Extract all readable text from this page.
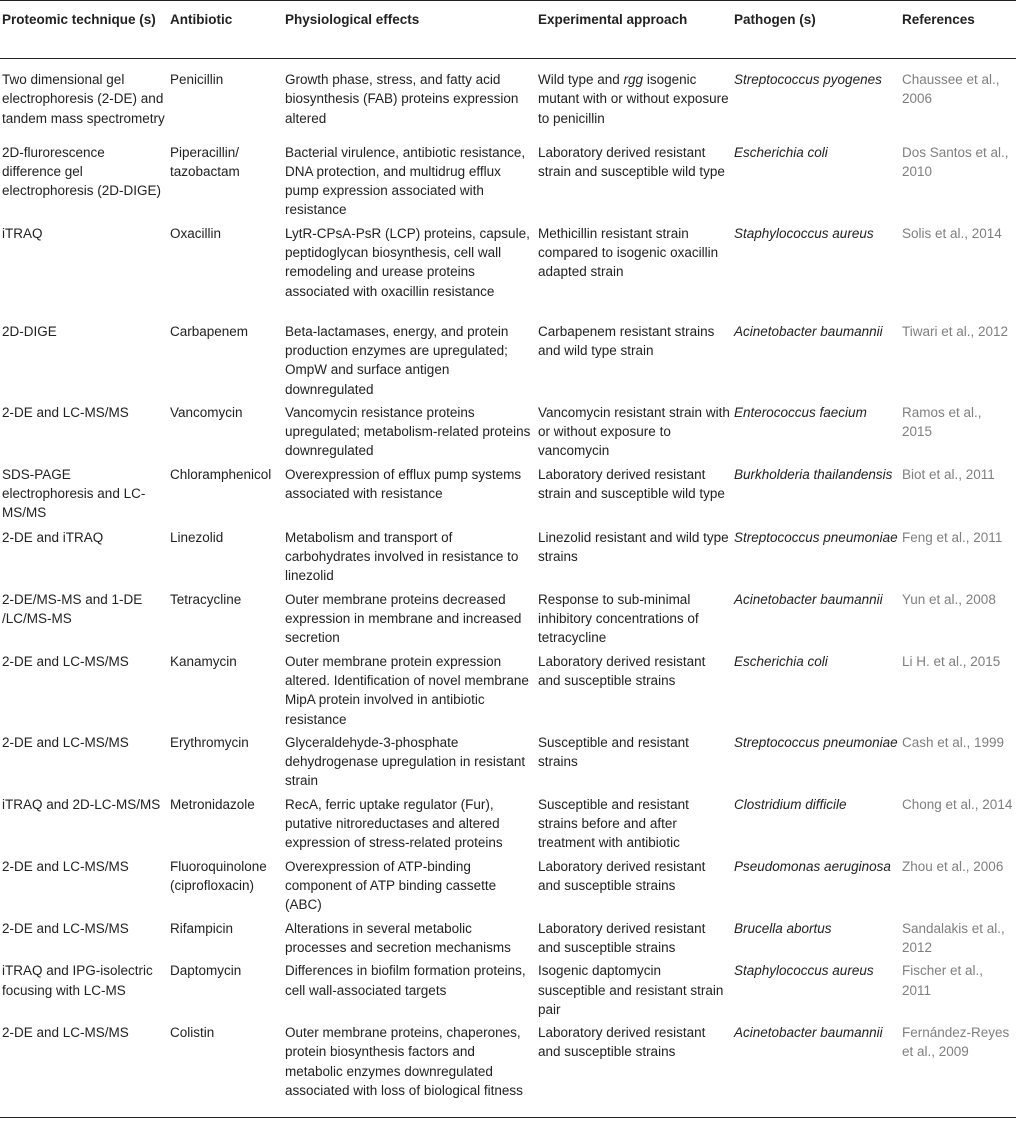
Proteomic technique (s)	Antibiotic	Physiological effects	Experimental approach	Pathogen (s)	References
Two dimensional gel electrophoresis (2-DE) and tandem mass spectrometry	Penicillin	Growth phase, stress, and fatty acid biosynthesis (FAB) proteins expression altered	Wild type and rgg isogenic mutant with or without exposure to penicillin	Streptococcus pyogenes	Chaussee et al., 2006
2D-flurorescence difference gel electrophoresis (2D-DIGE)	Piperacillin/ tazobactam	Bacterial virulence, antibiotic resistance, DNA protection, and multidrug efflux pump expression associated with resistance	Laboratory derived resistant strain and susceptible wild type	Escherichia coli	Dos Santos et al., 2010
iTRAQ	Oxacillin	LytR-CPsA-PsR (LCP) proteins, capsule, peptidoglycan biosynthesis, cell wall remodeling and urease proteins associated with oxacillin resistance	Methicillin resistant strain compared to isogenic oxacillin adapted strain	Staphylococcus aureus	Solis et al., 2014
2D-DIGE	Carbapenem	Beta-lactamases, energy, and protein production enzymes are upregulated; OmpW and surface antigen downregulated	Carbapenem resistant strains and wild type strain	Acinetobacter baumannii	Tiwari et al., 2012
2-DE and LC-MS/MS	Vancomycin	Vancomycin resistance proteins upregulated; metabolism-related proteins downregulated	Vancomycin resistant strain with or without exposure to vancomycin	Enterococcus faecium	Ramos et al., 2015
SDS-PAGE electrophoresis and LC-MS/MS	Chloramphenicol	Overexpression of efflux pump systems associated with resistance	Laboratory derived resistant strain and susceptible wild type	Burkholderia thailandensis	Biot et al., 2011
2-DE and iTRAQ	Linezolid	Metabolism and transport of carbohydrates involved in resistance to linezolid	Linezolid resistant and wild type strains	Streptococcus pneumoniae	Feng et al., 2011
2-DE/MS-MS and 1-DE /LC/MS-MS	Tetracycline	Outer membrane proteins decreased expression in membrane and increased secretion	Response to sub-minimal inhibitory concentrations of tetracycline	Acinetobacter baumannii	Yun et al., 2008
2-DE and LC-MS/MS	Kanamycin	Outer membrane protein expression altered. Identification of novel membrane MipA protein involved in antibiotic resistance	Laboratory derived resistant and susceptible strains	Escherichia coli	Li H. et al., 2015
2-DE and LC-MS/MS	Erythromycin	Glyceraldehyde-3-phosphate dehydrogenase upregulation in resistant strain	Susceptible and resistant strains	Streptococcus pneumoniae	Cash et al., 1999
iTRAQ and 2D-LC-MS/MS	Metronidazole	RecA, ferric uptake regulator (Fur), putative nitroreductases and altered expression of stress-related proteins	Susceptible and resistant strains before and after treatment with antibiotic	Clostridium difficile	Chong et al., 2014
2-DE and LC-MS/MS	Fluoroquinolone (ciprofloxacin)	Overexpression of ATP-binding component of ATP binding cassette (ABC)	Laboratory derived resistant and susceptible strains	Pseudomonas aeruginosa	Zhou et al., 2006
2-DE and LC-MS/MS	Rifampicin	Alterations in several metabolic processes and secretion mechanisms	Laboratory derived resistant and susceptible strains	Brucella abortus	Sandalakis et al., 2012
iTRAQ and IPG-isolectric focusing with LC-MS	Daptomycin	Differences in biofilm formation proteins, cell wall-associated targets	Isogenic daptomycin susceptible and resistant strain pair	Staphylococcus aureus	Fischer et al., 2011
2-DE and LC-MS/MS	Colistin	Outer membrane proteins, chaperones, protein biosynthesis factors and metabolic enzymes downregulated associated with loss of biological fitness	Laboratory derived resistant and susceptible strains	Acinetobacter baumannii	Fernández-Reyes et al., 2009
